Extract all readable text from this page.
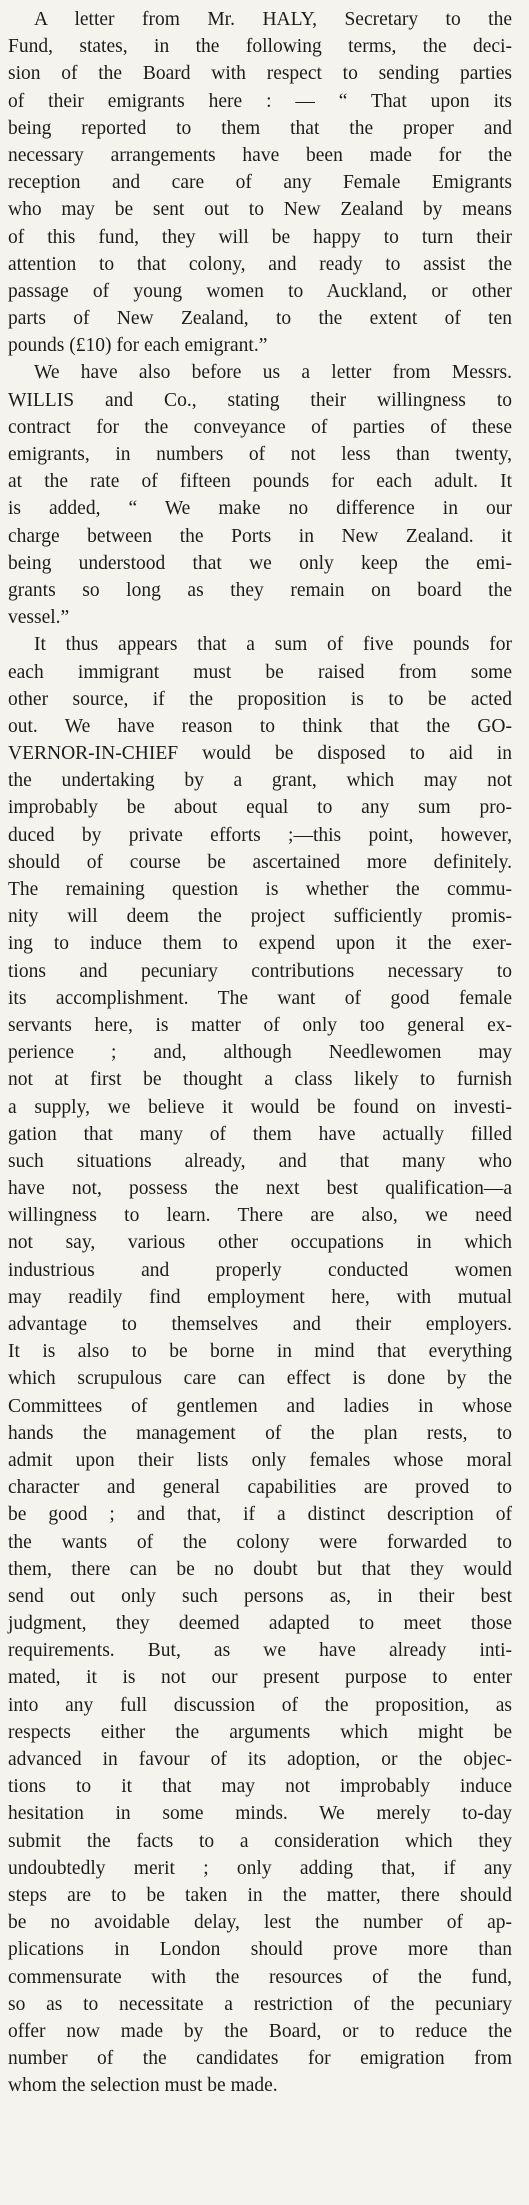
A letter from Mr. HALY, Secretary to the
Fund, states, in the following terms, the deci-
sion of the Board with respect to sending parties
of their emigrants here : — “ That upon its
being reported to them that the proper and
necessary arrangements have been made for the
reception and care of any Female Emigrants
who may be sent out to New Zealand by means
of this fund, they will be happy to turn their
attention to that colony, and ready to assist the
passage of young women to Auckland, or other
parts of New Zealand, to the extent of ten
pounds (£10) for each emigrant.”
We have also before us a letter from Messrs.
WILLIS and Co., stating their willingness to
contract for the conveyance of parties of these
emigrants, in numbers of not less than twenty,
at the rate of fifteen pounds for each adult. It
is added, “ We make no difference in our
charge between the Ports in New Zealand. it
being understood that we only keep the emi-
grants so long as they remain on board the
vessel.”
It thus appears that a sum of five pounds for
each immigrant must be raised from some
other source, if the proposition is to be acted
out. We have reason to think that the GO-
VERNOR-IN-CHIEF would be disposed to aid in
the undertaking by a grant, which may not
improbably be about equal to any sum pro-
duced by private efforts ;—this point, however,
should of course be ascertained more definitely.
The remaining question is whether the commu-
nity will deem the project sufficiently promis-
ing to induce them to expend upon it the exer-
tions and pecuniary contributions necessary to
its accomplishment. The want of good female
servants here, is matter of only too general ex-
perience ; and, although Needlewomen may
not at first be thought a class likely to furnish
a supply, we believe it would be found on investi-
gation that many of them have actually filled
such situations already, and that many who
have not, possess the next best qualification—a
willingness to learn. There are also, we need
not say, various other occupations in which
industrious and properly conducted women
may readily find employment here, with mutual
advantage to themselves and their employers.
It is also to be borne in mind that everything
which scrupulous care can effect is done by the
Committees of gentlemen and ladies in whose
hands the management of the plan rests, to
admit upon their lists only females whose moral
character and general capabilities are proved to
be good ; and that, if a distinct description of
the wants of the colony were forwarded to
them, there can be no doubt but that they would
send out only such persons as, in their best
judgment, they deemed adapted to meet those
requirements. But, as we have already inti-
mated, it is not our present purpose to enter
into any full discussion of the proposition, as
respects either the arguments which might be
advanced in favour of its adoption, or the objec-
tions to it that may not improbably induce
hesitation in some minds. We merely to-day
submit the facts to a consideration which they
undoubtedly merit ; only adding that, if any
steps are to be taken in the matter, there should
be no avoidable delay, lest the number of ap-
plications in London should prove more than
commensurate with the resources of the fund,
so as to necessitate a restriction of the pecuniary
offer now made by the Board, or to reduce the
number of the candidates for emigration from
whom the selection must be made.
